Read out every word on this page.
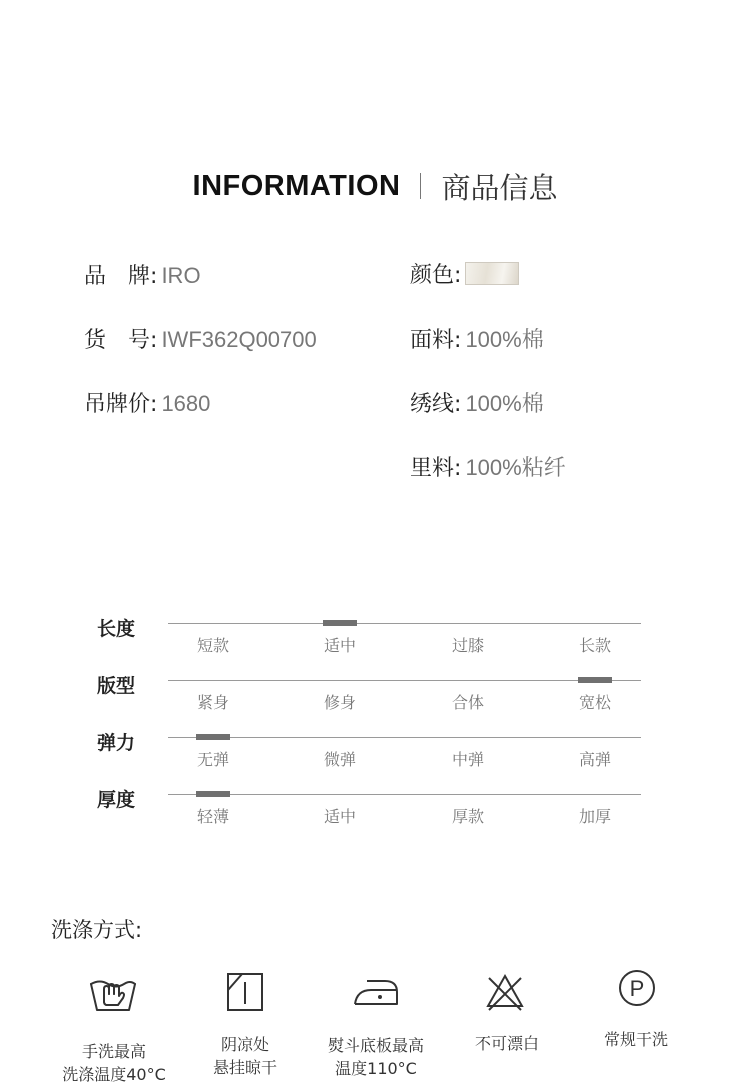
INFORMATION 商品信息
品　牌: IRO
货　号: IWF362Q00700
吊牌价: 1680
颜色:
面料: 100%棉
绣线: 100%棉
里料: 100%粘纤
长度
短款	适中	过膝	长款
版型
紧身	修身	合体	宽松
弹力
无弹	微弹	中弹	高弹
厚度
轻薄	适中	厚款	加厚
洗涤方式:
P
手洗最高
洗涤温度40°C
阴凉处
悬挂晾干
熨斗底板最高
温度110°C
不可漂白	常规干洗
